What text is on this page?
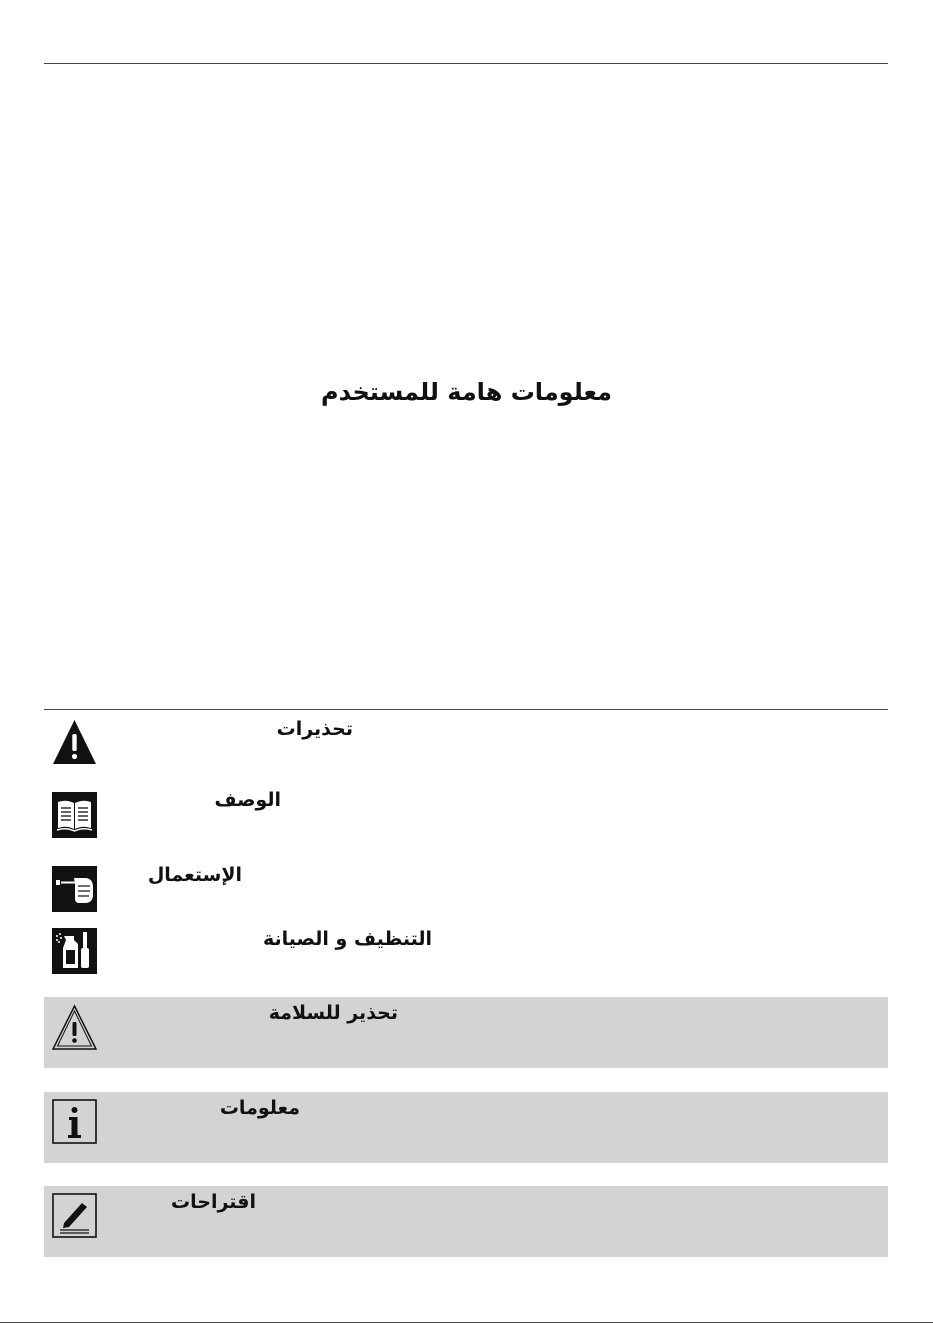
معلومات هامة للمستخدم
تحذيرات
الوصف
الإستعمال
التنظيف و الصيانة
تحذير للسلامة
معلومات
اقتراحات
